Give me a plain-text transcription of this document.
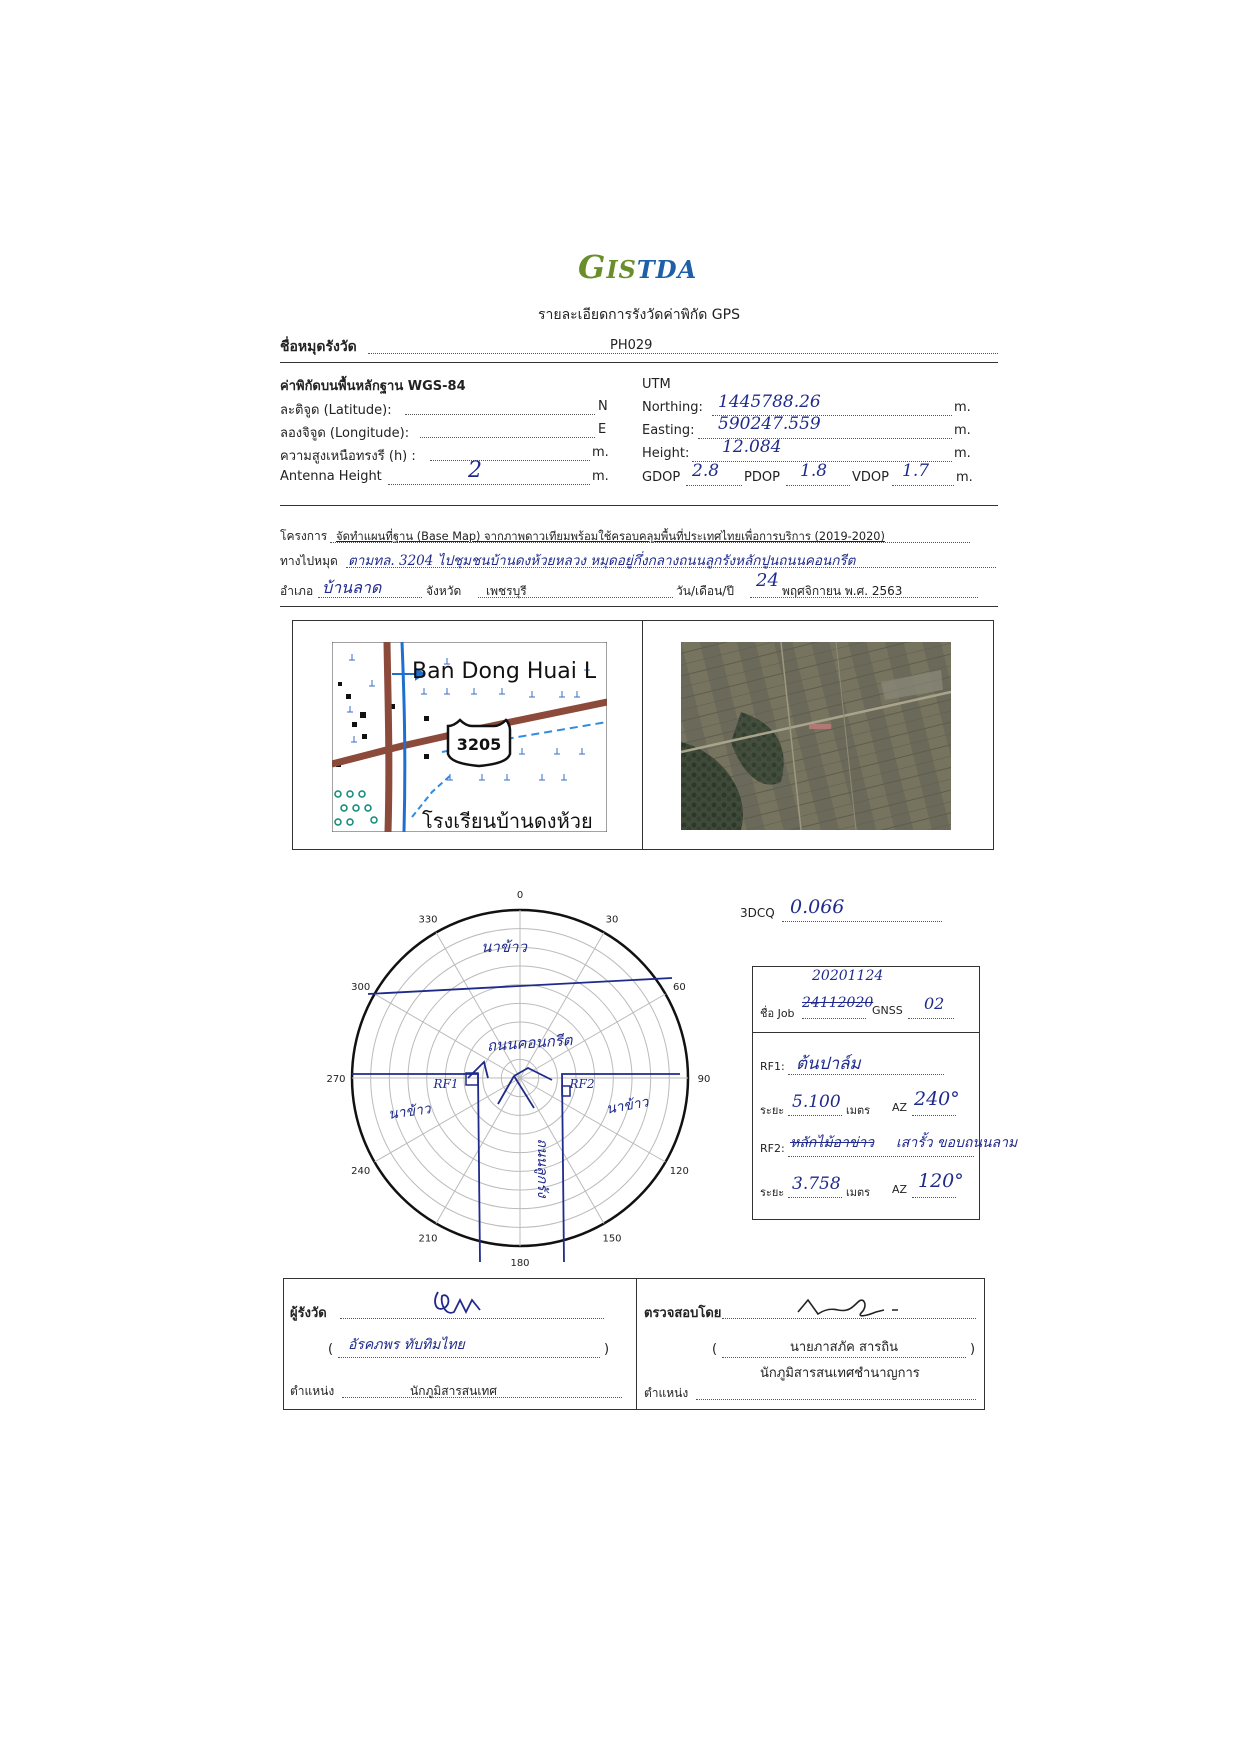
GISTDA
รายละเอียดการรังวัดค่าพิกัด GPS
ชื่อหมุดรังวัด	PH029
ค่าพิกัดบนพื้นหลักฐาน WGS-84
ละติจูด (Latitude):	N
ลองจิจูด (Longitude):	E
ความสูงเหนือทรงรี (h) :	m.
Antenna Height	2	m.
UTM
Northing: 1445788.26	m.
Easting: 590247.559	m.
Height: 12.084	m.
GDOP 2.8 PDOP 1.8 VDOP 1.7 m.
โครงการ จัดทำแผนที่ฐาน (Base Map) จากภาพดาวเทียมพร้อมใช้ครอบคลุมพื้นที่ประเทศไทยเพื่อการบริการ (2019-2020)
ทางไปหมุด ตามทล. 3204 ไปชุมชนบ้านดงห้วยหลวง หมุดอยู่กึ่งกลางถนนลูกรังหลักปูนถนนคอนกรีต
อำเภอ บ้านลาด	จังหวัด เพชรบุรี	วัน/เดือน/ปี 24 พฤศจิกายน พ.ศ. 2563
3205
Ban Dong Huai L
โรงเรียนบ้านดงห้วย
0
30
60
90
120
150
180
210
240
270
300
330
นาข้าว
ถนนคอนกรีต
RF1	RF2
นาข้าว	นาข้าว
ถนนลูกรัง
3DCQ 0.066
20201124
ชื่อ Job
24112020
GNSS 02
RF1: ต้นปาล์ม
ระยะ 5.100 เมตร AZ 240°
RF2: หลักไม้อาข่าว เสารั้ว ขอบถนนลาม
ระยะ 3.758 เมตร AZ 120°
ผู้รังวัด
( อัรคภพร ทับทิมไทย	)
ตำแหน่ง	นักภูมิสารสนเทศ
ตรวจสอบโดย
(	นายภาสภัค สารถิน	)
นักภูมิสารสนเทศชำนาญการ
ตำแหน่ง
